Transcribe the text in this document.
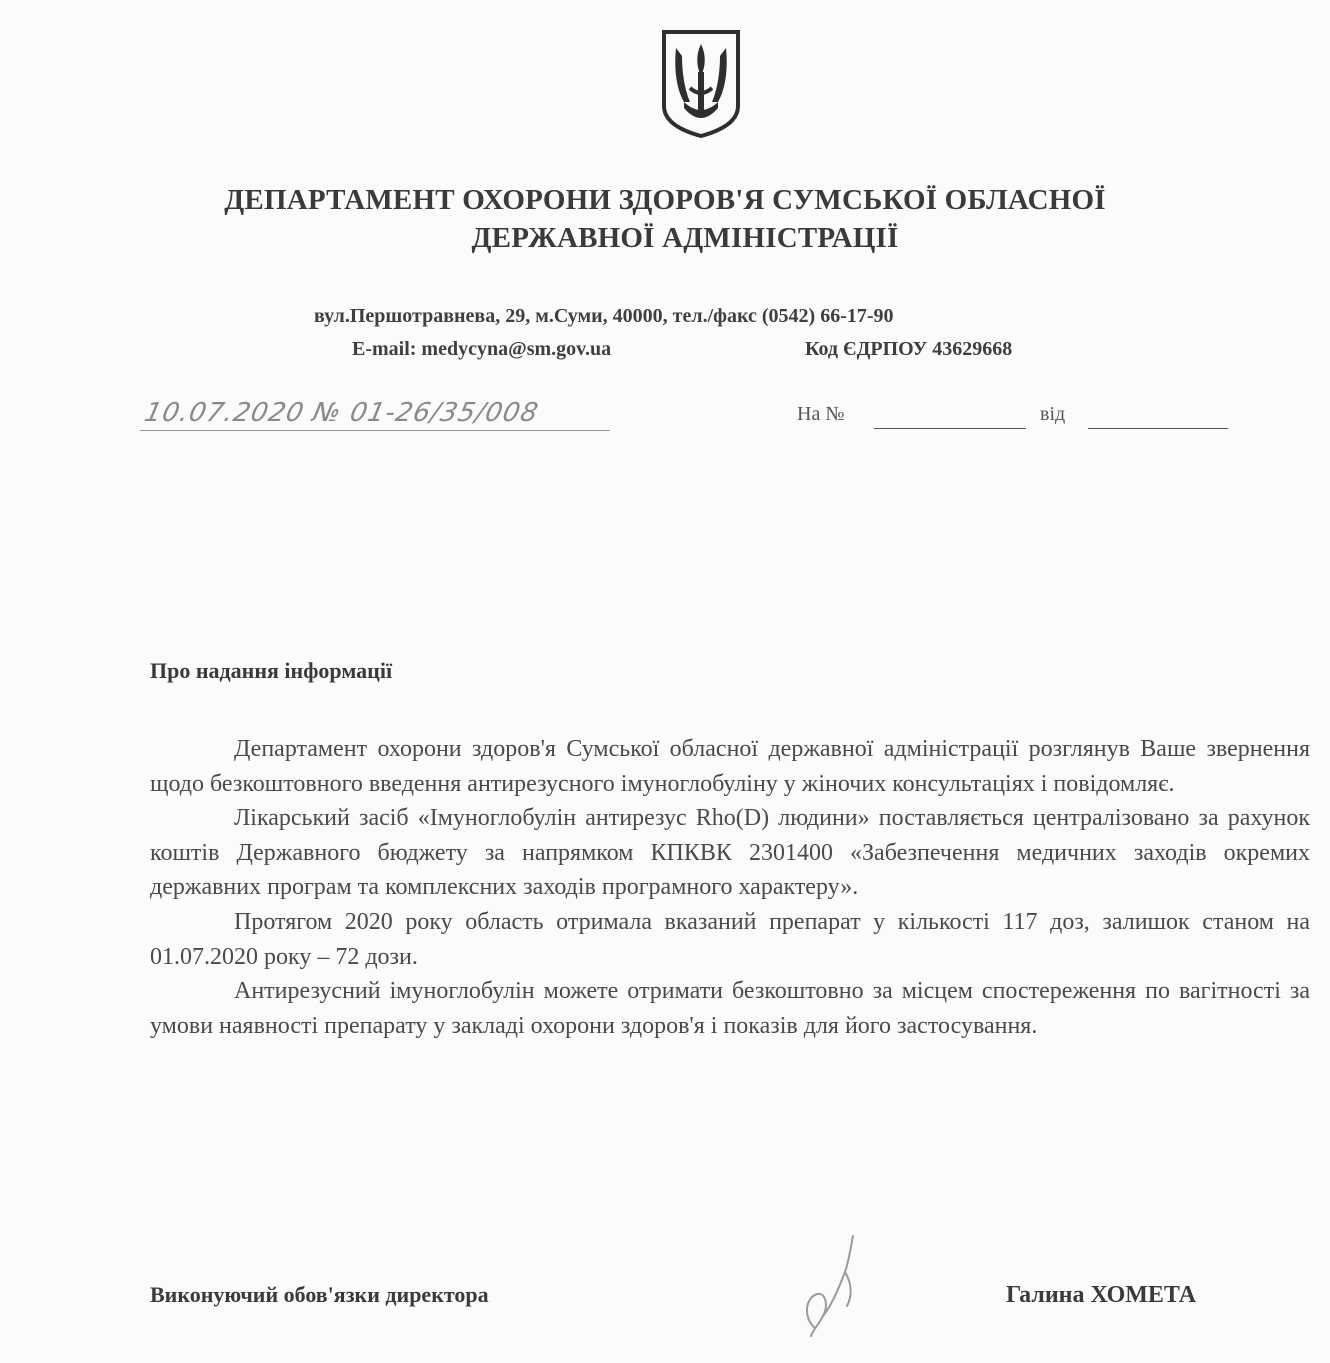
ДЕПАРТАМЕНТ ОХОРОНИ ЗДОРОВ'Я СУМСЬКОЇ ОБЛАСНОЇ
ДЕРЖАВНОЇ АДМІНІСТРАЦІЇ
вул.Першотравнева, 29, м.Суми, 40000, тел./факс (0542) 66-17-90
E-mail: medycyna@sm.gov.ua	Код ЄДРПОУ 43629668
10.07.2020 № 01-26/35/008	На №	від
Про надання інформації

Департамент охорони здоров'я Сумської обласної державної адміністрації розглянув Ваше звернення щодо безкоштовного введення антирезусного імуноглобуліну у жіночих консультаціях і повідомляє.

Лікарський засіб «Імуноглобулін антирезус Rho(D) людини» поставляється централізовано за рахунок коштів Державного бюджету за напрямком КПКВК 2301400 «Забезпечення медичних заходів окремих державних програм та комплексних заходів програмного характеру».

Протягом 2020 року область отримала вказаний препарат у кількості 117 доз, залишок станом на 01.07.2020 року – 72 дози.

Антирезусний імуноглобулін можете отримати безкоштовно за місцем спостереження по вагітності за умови наявності препарату у закладі охорони здоров'я і показів для його застосування.

Виконуючий обов'язки директора	Галина ХОМЕТА
